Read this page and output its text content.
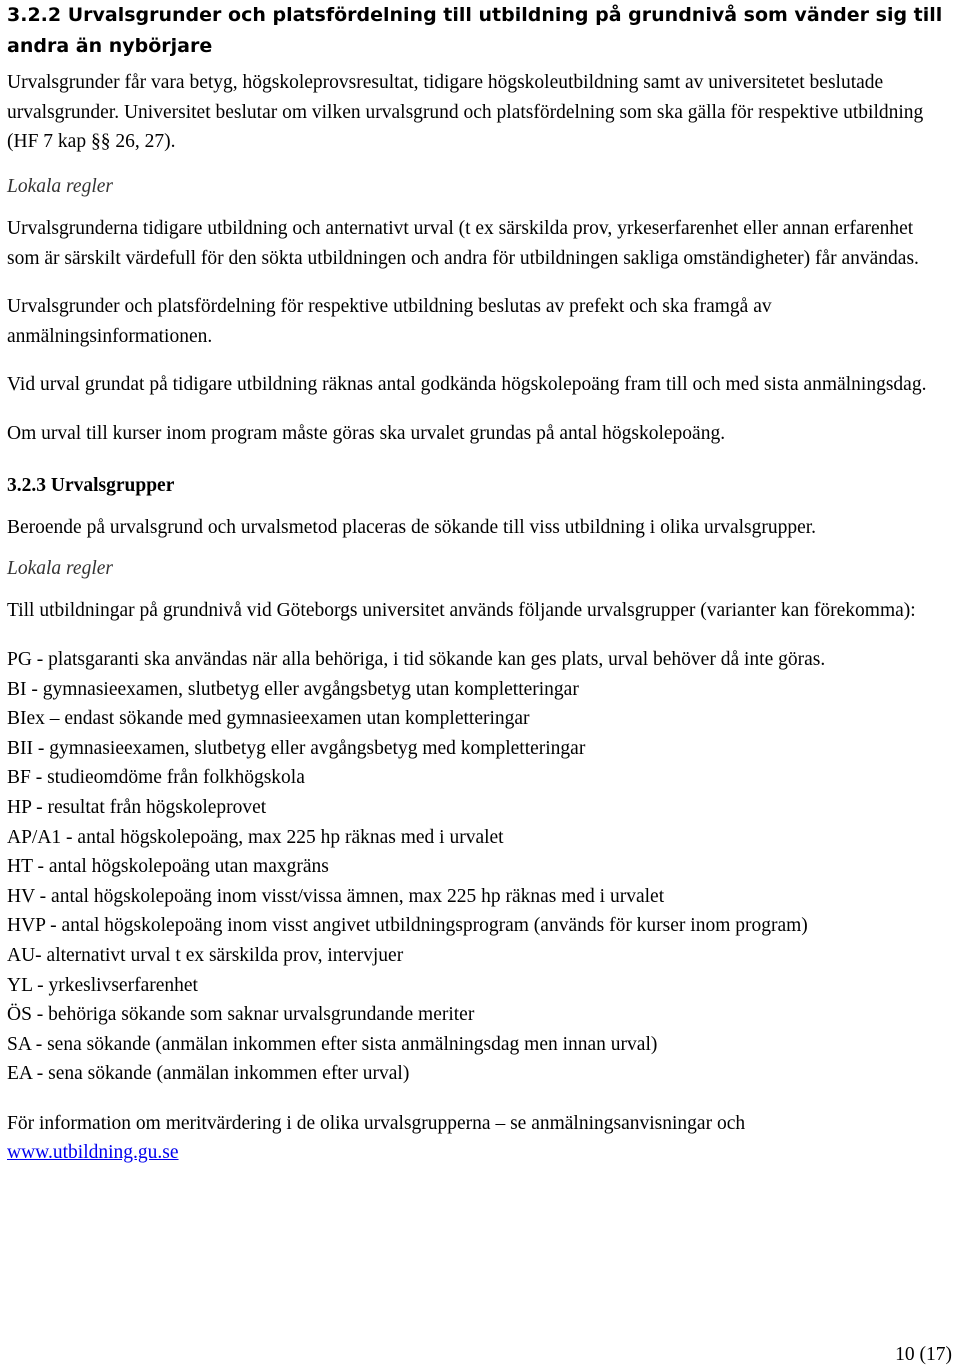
3.2.2 Urvalsgrunder och platsfördelning till utbildning på grundnivå som vänder sig till andra än nybörjare

Urvalsgrunder får vara betyg, högskoleprovsresultat, tidigare högskoleutbildning samt av universitetet beslutade urvalsgrunder. Universitet beslutar om vilken urvalsgrund och platsfördelning som ska gälla för respektive utbildning (HF 7 kap §§ 26, 27).

Lokala regler

Urvalsgrunderna tidigare utbildning och anternativt urval (t ex särskilda prov, yrkeserfarenhet eller annan erfarenhet som är särskilt värdefull för den sökta utbildningen och andra för utbildningen sakliga omständigheter) får användas.

Urvalsgrunder och platsfördelning för respektive utbildning beslutas av prefekt och ska framgå av anmälningsinformationen.

Vid urval grundat på tidigare utbildning räknas antal godkända högskolepoäng fram till och med sista anmälningsdag.

Om urval till kurser inom program måste göras ska urvalet grundas på antal högskolepoäng.

3.2.3 Urvalsgrupper

Beroende på urvalsgrund och urvalsmetod placeras de sökande till viss utbildning i olika urvalsgrupper.

Lokala regler

Till utbildningar på grundnivå vid Göteborgs universitet används följande urvalsgrupper (varianter kan förekomma):

PG - platsgaranti ska användas när alla behöriga, i tid sökande kan ges plats, urval behöver då inte göras.
BI - gymnasieexamen, slutbetyg eller avgångsbetyg utan kompletteringar
BIex – endast sökande med gymnasieexamen utan kompletteringar
BII - gymnasieexamen, slutbetyg eller avgångsbetyg med kompletteringar
BF - studieomdöme från folkhögskola
HP - resultat från högskoleprovet
AP/A1 - antal högskolepoäng, max 225 hp räknas med i urvalet
HT - antal högskolepoäng utan maxgräns
HV - antal högskolepoäng inom visst/vissa ämnen, max 225 hp räknas med i urvalet
HVP - antal högskolepoäng inom visst angivet utbildningsprogram (används för kurser inom program)
AU- alternativt urval t ex särskilda prov, intervjuer
YL - yrkeslivserfarenhet
ÖS - behöriga sökande som saknar urvalsgrundande meriter
SA - sena sökande (anmälan inkommen efter sista anmälningsdag men innan urval)
EA - sena sökande (anmälan inkommen efter urval)

För information om meritvärdering i de olika urvalsgrupperna – se anmälningsanvisningar och
www.utbildning.gu.se

10 (17)
